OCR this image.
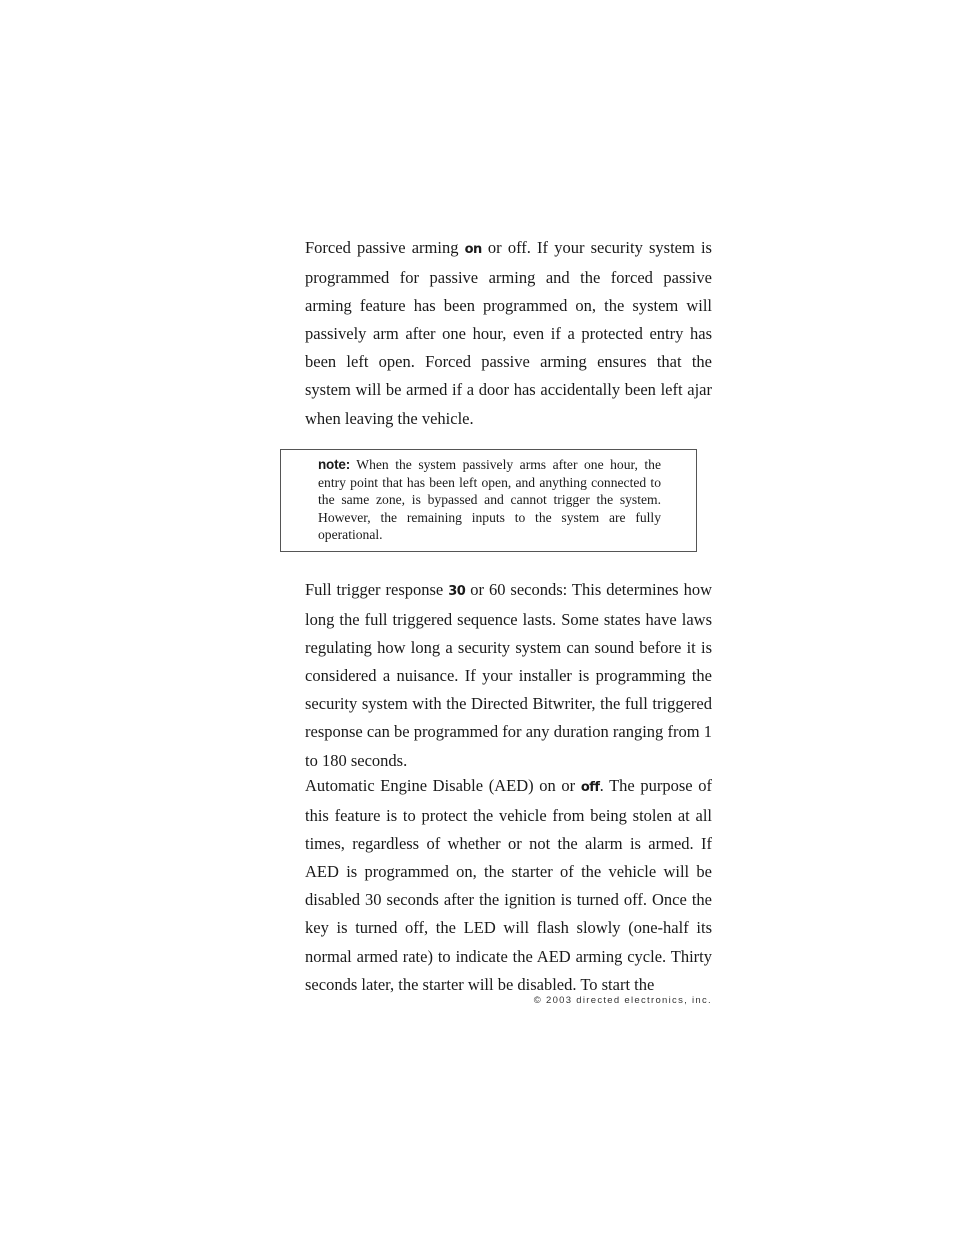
Forced passive arming on or off. If your security system is programmed for passive arming and the forced passive arming feature has been programmed on, the system will passively arm after one hour, even if a protected entry has been left open. Forced passive arming ensures that the system will be armed if a door has accidentally been left ajar when leaving the vehicle.

note: When the system passively arms after one hour, the entry point that has been left open, and anything connected to the same zone, is bypassed and cannot trigger the system. However, the remaining inputs to the system are fully operational.

Full trigger response 30 or 60 seconds: This determines how long the full triggered sequence lasts. Some states have laws regulating how long a security system can sound before it is considered a nuisance. If your installer is programming the security system with the Directed Bitwriter, the full triggered response can be programmed for any duration ranging from 1 to 180 seconds.

Automatic Engine Disable (AED) on or off. The purpose of this feature is to protect the vehicle from being stolen at all times, regardless of whether or not the alarm is armed. If AED is programmed on, the starter of the vehicle will be disabled 30 seconds after the ignition is turned off. Once the key is turned off, the LED will flash slowly (one-half its normal armed rate) to indicate the AED arming cycle. Thirty seconds later, the starter will be disabled. To start the

© 2003 directed electronics, inc.
